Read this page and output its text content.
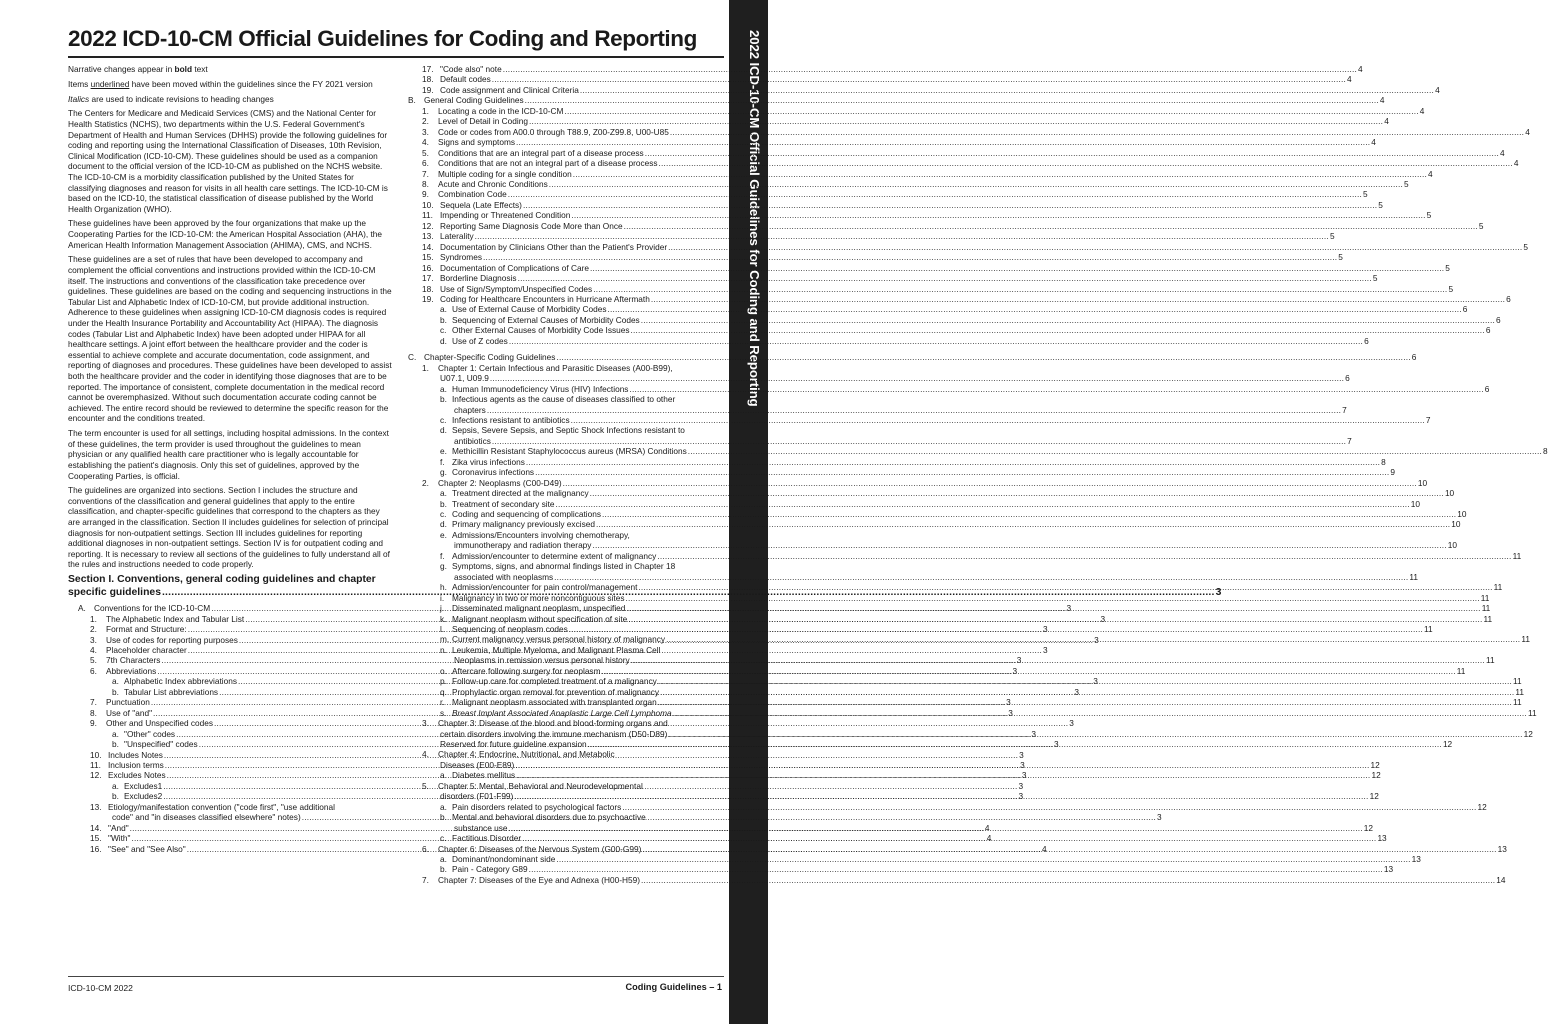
2022 ICD-10-CM Official Guidelines for Coding and Reporting	2022 ICD-10-CM Official Guidelines for Coding and Reporting

Narrative changes appear in bold text

Items underlined have been moved within the guidelines since the FY 2021 version

Italics are used to indicate revisions to heading changes

The Centers for Medicare and Medicaid Services (CMS) and the National Center for Health Statistics (NCHS), two departments within the U.S. Federal Government's Department of Health and Human Services (DHHS) provide the following guidelines for coding and reporting using the International Classification of Diseases, 10th Revision, Clinical Modification (ICD-10-CM). These guidelines should be used as a companion document to the official version of the ICD-10-CM as published on the NCHS website. The ICD-10-CM is a morbidity classification published by the United States for classifying diagnoses and reason for visits in all health care settings. The ICD-10-CM is based on the ICD-10, the statistical classification of disease published by the World Health Organization (WHO).

These guidelines have been approved by the four organizations that make up the Cooperating Parties for the ICD-10-CM: the American Hospital Association (AHA), the American Health Information Management Association (AHIMA), CMS, and NCHS.

These guidelines are a set of rules that have been developed to accompany and complement the official conventions and instructions provided within the ICD-10-CM itself. The instructions and conventions of the classification take precedence over guidelines. These guidelines are based on the coding and sequencing instructions in the Tabular List and Alphabetic Index of ICD-10-CM, but provide additional instruction. Adherence to these guidelines when assigning ICD-10-CM diagnosis codes is required under the Health Insurance Portability and Accountability Act (HIPAA). The diagnosis codes (Tabular List and Alphabetic Index) have been adopted under HIPAA for all healthcare settings. A joint effort between the healthcare provider and the coder is essential to achieve complete and accurate documentation, code assignment, and reporting of diagnoses and procedures. These guidelines have been developed to assist both the healthcare provider and the coder in identifying those diagnoses that are to be reported. The importance of consistent, complete documentation in the medical record cannot be overemphasized. Without such documentation accurate coding cannot be achieved. The entire record should be reviewed to determine the specific reason for the encounter and the conditions treated.

The term encounter is used for all settings, including hospital admissions. In the context of these guidelines, the term provider is used throughout the guidelines to mean physician or any qualified health care practitioner who is legally accountable for establishing the patient's diagnosis. Only this set of guidelines, approved by the Cooperating Parties, is official.

The guidelines are organized into sections. Section I includes the structure and conventions of the classification and general guidelines that apply to the entire classification, and chapter-specific guidelines that correspond to the chapters as they are arranged in the classification. Section II includes guidelines for selection of principal diagnosis for non-outpatient settings. Section III includes guidelines for reporting additional diagnoses in non-outpatient settings. Section IV is for outpatient coding and reporting. It is necessary to review all sections of the guidelines to fully understand all of the rules and instructions needed to code properly.

Section I. Conventions, general coding guidelines and chapter
specific guidelines .....	3
A. Conventions for the ICD-10-CM .....	3
1.	The Alphabetic Index and Tabular List .....	3
2.	Format and Structure: .....	3
3.	Use of codes for reporting purposes .....	3
4.	Placeholder character .....	3
5.	7th Characters .....	3
6.	Abbreviations .....	3
a. Alphabetic Index abbreviations .....	3
b. Tabular List abbreviations .....	3
7.	Punctuation .....	3
8.	Use of "and" .....	3
9.	Other and Unspecified codes .....	3
a. "Other" codes .....	3
b. "Unspecified" codes .....	3
10. Includes Notes .....	3
11. Inclusion terms .....	3
12. Excludes Notes .....	3
a. Excludes1 .....	3
b. Excludes2 .....	3
13. Etiology/manifestation convention ("code first", "use additional
code" and "in diseases classified elsewhere" notes) .....	3
14. "And" .....	4
15. "With" .....	4
16. "See" and "See Also" .....	4
17. "Code also" note .....	4
18. Default codes .....	4
19. Code assignment and Clinical Criteria .....	4
B. General Coding Guidelines .....	4
1.	Locating a code in the ICD-10-CM .....	4
2.	Level of Detail in Coding .....	4
3.	Code or codes from A00.0 through T88.9, Z00-Z99.8, U00-U85 .....	4
4.	Signs and symptoms .....	4
5.	Conditions that are an integral part of a disease process .....	4
6.	Conditions that are not an integral part of a disease process .....	4
7.	Multiple coding for a single condition .....	4
8.	Acute and Chronic Conditions .....	5
9.	Combination Code .....	5
10. Sequela (Late Effects) .....	5
11. Impending or Threatened Condition .....	5
12. Reporting Same Diagnosis Code More than Once .....	5
13. Laterality .....	5
14. Documentation by Clinicians Other than the Patient's Provider .....	5
15. Syndromes .....	5
16. Documentation of Complications of Care .....	5
17. Borderline Diagnosis .....	5
18. Use of Sign/Symptom/Unspecified Codes .....	5
19. Coding for Healthcare Encounters in Hurricane Aftermath .....	6
a. Use of External Cause of Morbidity Codes .....	6
b. Sequencing of External Causes of Morbidity Codes .....	6
c. Other External Causes of Morbidity Code Issues .....	6
d. Use of Z codes .....	6
C. Chapter-Specific Coding Guidelines .....	6
1.	Chapter 1: Certain Infectious and Parasitic Diseases (A00-B99),
U07.1, U09.9 .....	6
a. Human Immunodeficiency Virus (HIV) Infections .....	6
b. Infectious agents as the cause of diseases classified to other
chapters .....	7
c. Infections resistant to antibiotics .....	7
d. Sepsis, Severe Sepsis, and Septic Shock Infections resistant to
antibiotics .....	7
e. Methicillin Resistant Staphylococcus aureus (MRSA) Conditions .....	8
f. Zika virus infections .....	8
g. Coronavirus infections .....	9
2.	Chapter 2: Neoplasms (C00-D49) .....	10
a. Treatment directed at the malignancy .....	10
b. Treatment of secondary site .....	10
c. Coding and sequencing of complications .....	10
d. Primary malignancy previously excised .....	10
e. Admissions/Encounters involving chemotherapy,
immunotherapy and radiation therapy .....	10
f. Admission/encounter to determine extent of malignancy .....	11
g. Symptoms, signs, and abnormal findings listed in Chapter 18
associated with neoplasms .....	11
h. Admission/encounter for pain control/management .....	11
i. Malignancy in two or more noncontiguous sites .....	11
j. Disseminated malignant neoplasm, unspecified .....	11
k. Malignant neoplasm without specification of site .....	11
l. Sequencing of neoplasm codes .....	11
m. Current malignancy versus personal history of malignancy .....	11
n. Leukemia, Multiple Myeloma, and Malignant Plasma Cell
Neoplasms in remission versus personal history .....	11
o. Aftercare following surgery for neoplasm .....	11
p. Follow-up care for completed treatment of a malignancy .....	11
q. Prophylactic organ removal for prevention of malignancy .....	11
r. Malignant neoplasm associated with transplanted organ .....	11
s. Breast Implant Associated Anaplastic Large Cell Lymphoma .....	11
3.	Chapter 3: Disease of the blood and blood-forming organs and
certain disorders involving the immune mechanism (D50-D89) .....	12
Reserved for future guideline expansion .....	12
4.	Chapter 4: Endocrine, Nutritional, and Metabolic
Diseases (E00-E89) .....	12
a. Diabetes mellitus .....	12
5.	Chapter 5: Mental, Behavioral and Neurodevelopmental
disorders (F01-F99) .....	12
a. Pain disorders related to psychological factors .....	12
b. Mental and behavioral disorders due to psychoactive
substance use .....	12
c. Factitious Disorder .....	13
6.	Chapter 6: Diseases of the Nervous System (G00-G99) .....	13
a. Dominant/nondominant side .....	13
b. Pain - Category G89 .....	13
7.	Chapter 7: Diseases of the Eye and Adnexa (H00-H59) .....	14
ICD-10-CM 2022	Coding Guidelines – 1
